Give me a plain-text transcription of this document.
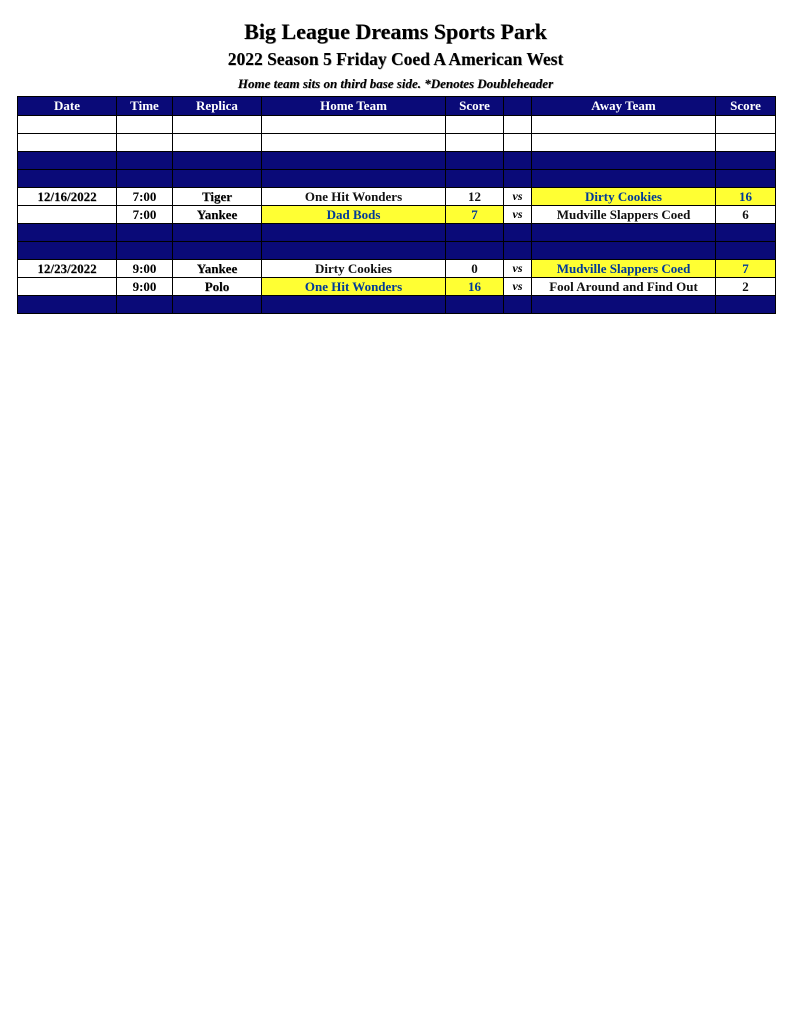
Big League Dreams Sports Park
2022 Season 5 Friday Coed A American West
Home team sits on third base side. *Denotes Doubleheader
Date	Time	Replica	Home Team	Score		Away Team	Score

12/16/2022	7:00	Tiger	One Hit Wonders	12	vs	Dirty Cookies	16
	7:00	Yankee	Dad Bods	7	vs	Mudville Slappers Coed	6

12/23/2022	9:00	Yankee	Dirty Cookies	0	vs	Mudville Slappers Coed	7
	9:00	Polo	One Hit Wonders	16	vs	Fool Around and Find Out	2
